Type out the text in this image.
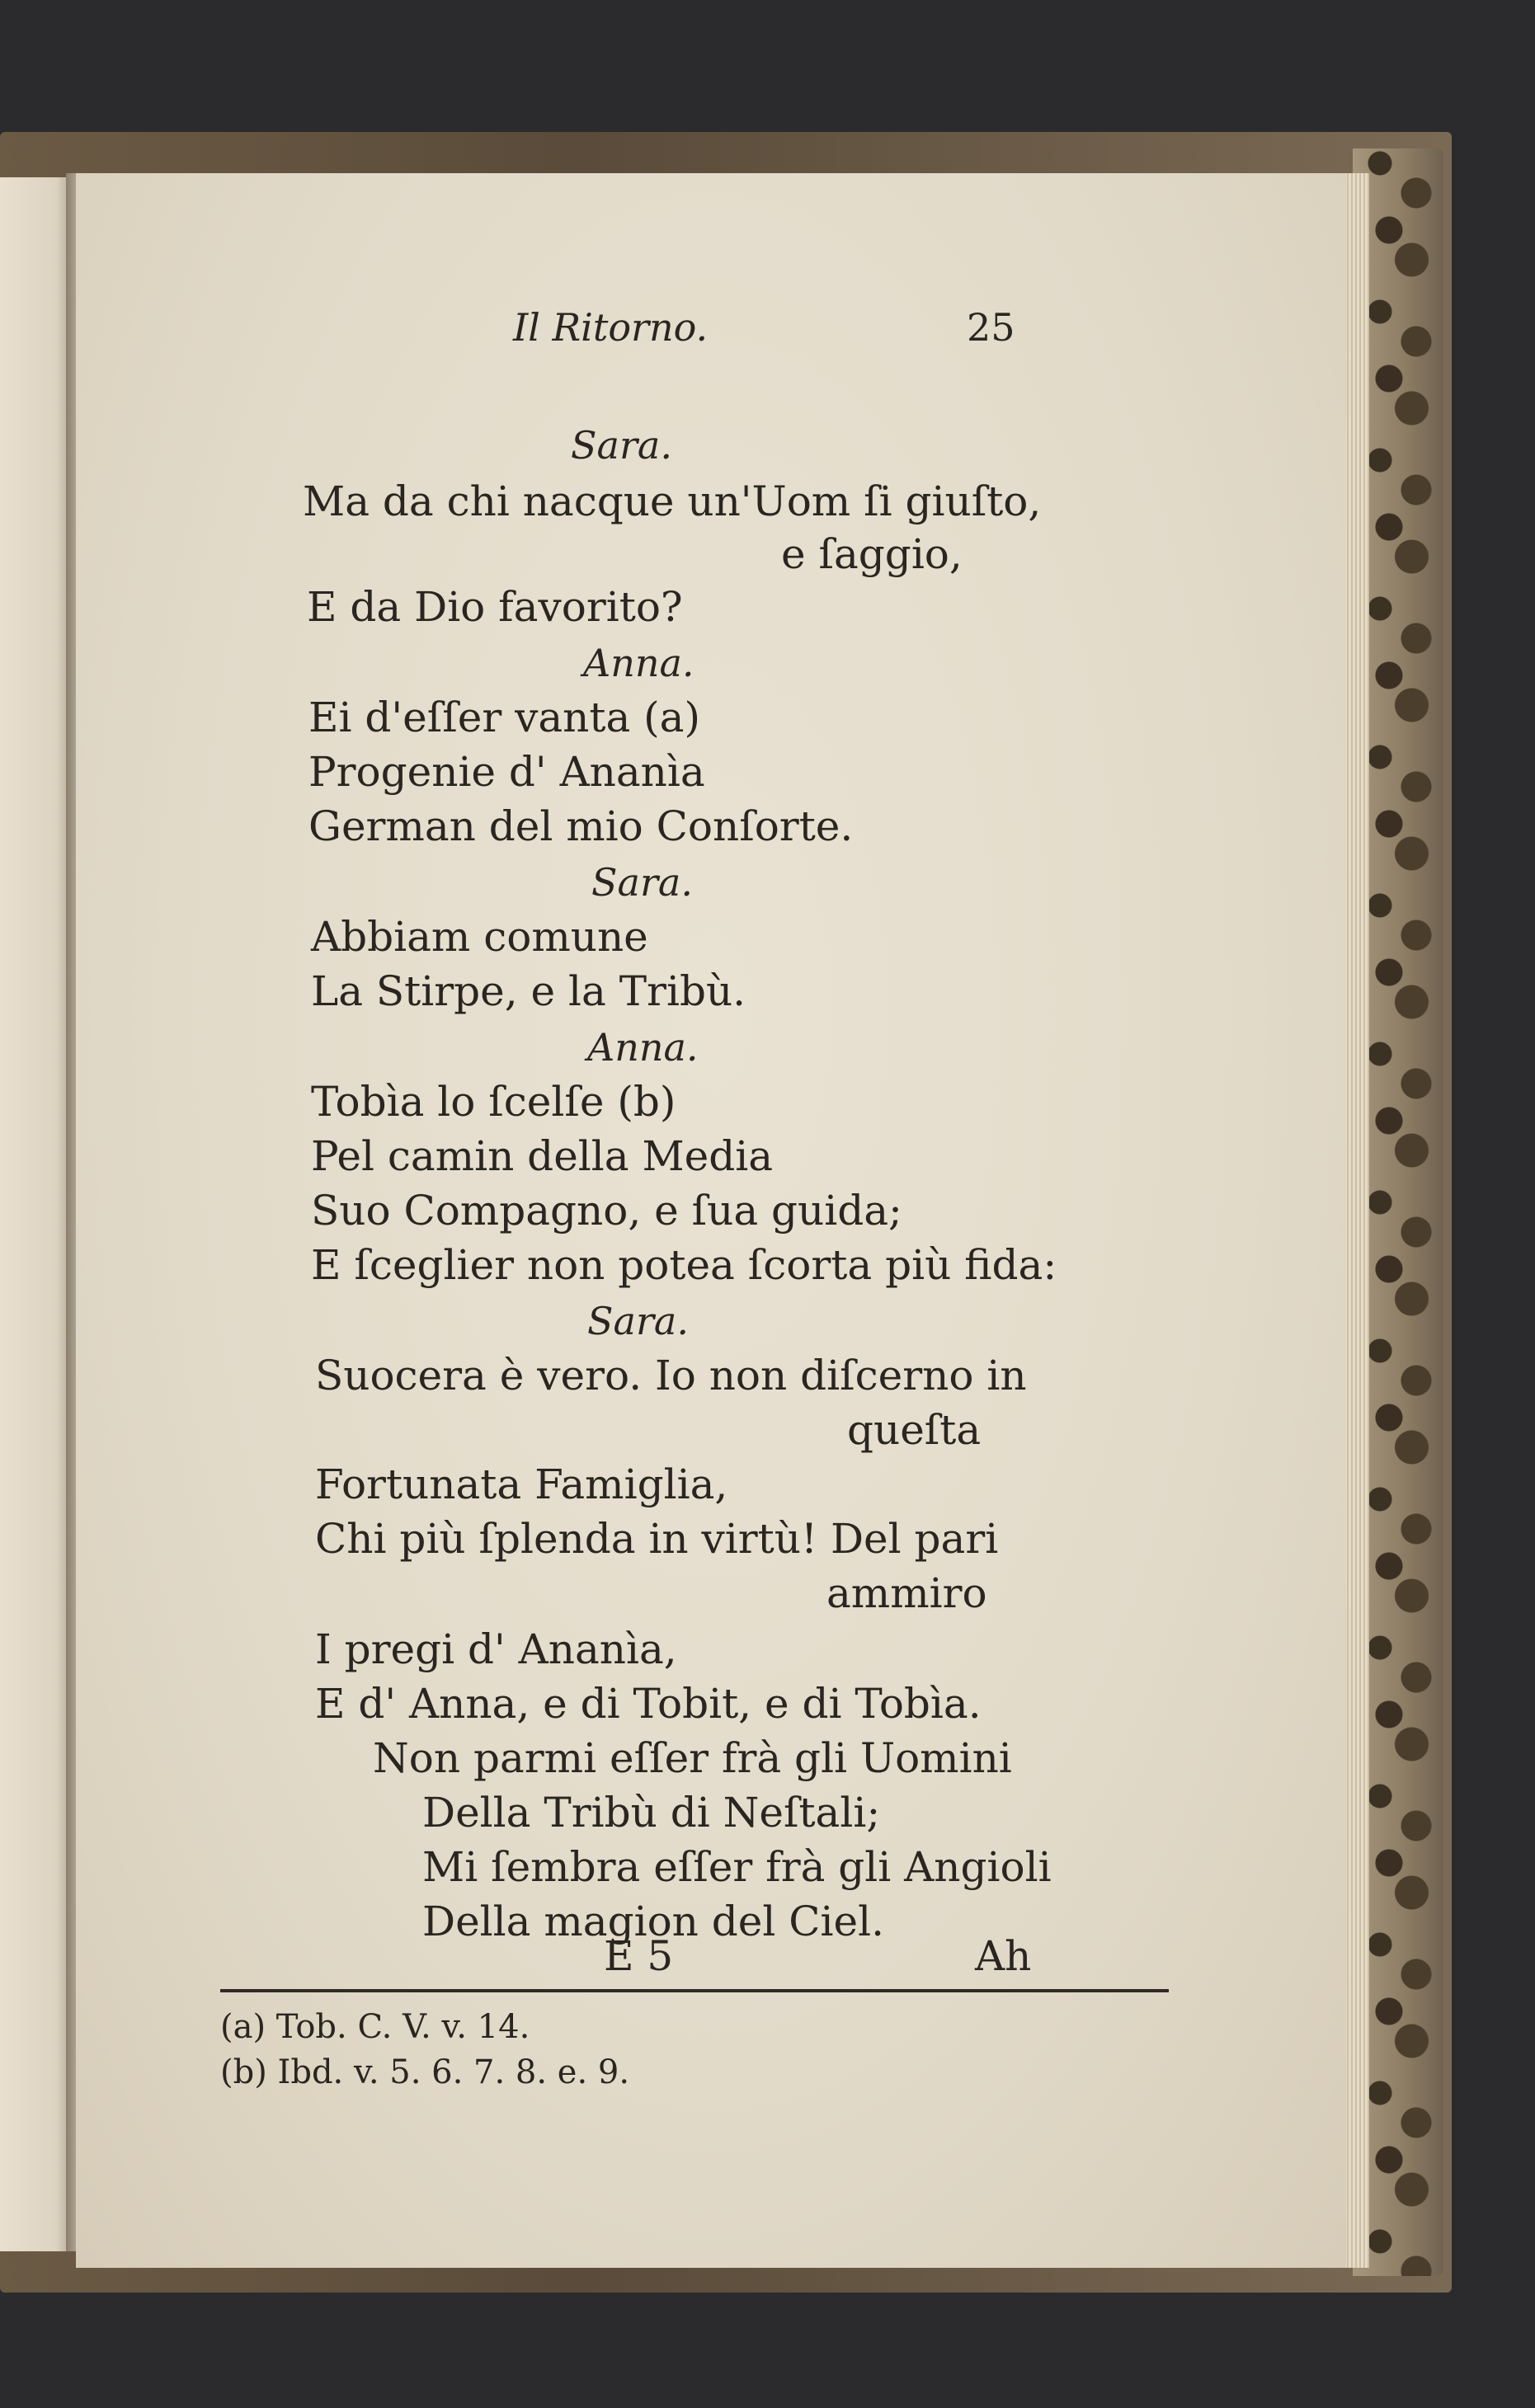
Il Ritorno.	25
Sara.
Ma da chi nacque un'Uom ſi giuſto,
e ſaggio,
E da Dio favorito?
Anna.
Ei d'eſſer vanta (a)
Progenie d' Ananìa
German del mio Conſorte.
Sara.
Abbiam comune
La Stirpe, e la Tribù.
Anna.
Tobìa lo ſcelſe (b)
Pel camin della Media
Suo Compagno, e ſua guida;
E ſceglier non potea ſcorta più fida:
Sara.
Suocera è vero. Io non diſcerno in
queſta
Fortunata Famiglia,
Chi più ſplenda in virtù! Del pari
ammiro
I pregi d' Ananìa,
E d' Anna, e di Tobit, e di Tobìa.
Non parmi eſſer frà gli Uomini
Della Tribù di Neſtali;
Mi ſembra eſſer frà gli Angioli
Della magion del Ciel.
E 5	Ah
(a) Tob. C. V. v. 14.
(b) Ibd. v. 5. 6. 7. 8. e. 9.
